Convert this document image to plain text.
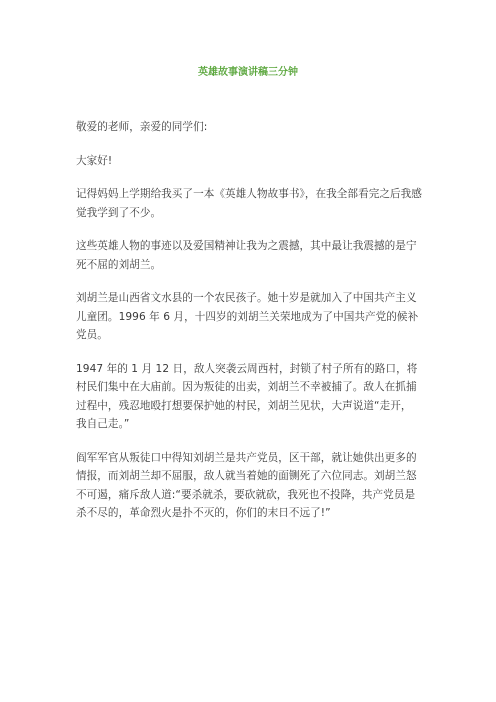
英雄故事演讲稿三分钟

敬爱的老师，亲爱的同学们:

大家好!

记得妈妈上学期给我买了一本《英雄人物故事书》，在我全部看完之后我感觉我学到了不少。

这些英雄人物的事迹以及爱国精神让我为之震撼，其中最让我震撼的是宁死不屈的刘胡兰。

刘胡兰是山西省文水县的一个农民孩子。她十岁是就加入了中国共产主义儿童团。1996 年 6 月，十四岁的刘胡兰关荣地成为了中国共产党的候补党员。

1947 年的 1 月 12 日，敌人突袭云周西村，封锁了村子所有的路口，将村民们集中在大庙前。因为叛徒的出卖，刘胡兰不幸被捕了。敌人在抓捕过程中，残忍地殴打想要保护她的村民，刘胡兰见状，大声说道“走开，我自己走。”

阎军军官从叛徒口中得知刘胡兰是共产党员，区干部，就让她供出更多的情报，而刘胡兰却不屈服，敌人就当着她的面铡死了六位同志。刘胡兰怒不可遏，痛斥敌人道:“要杀就杀，要砍就砍，我死也不投降，共产党员是杀不尽的，革命烈火是扑不灭的，你们的末日不远了!”
